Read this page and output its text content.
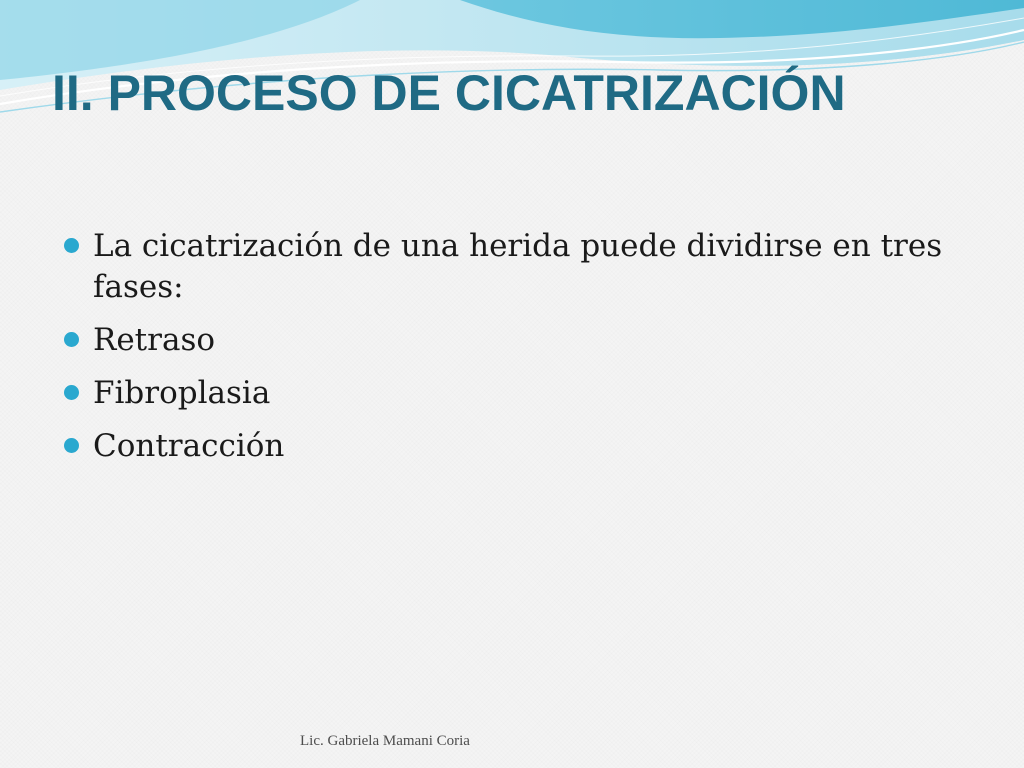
II. PROCESO DE CICATRIZACIÓN
La cicatrización de una herida puede dividirse en tres fases:
Retraso
Fibroplasia
Contracción
Lic. Gabriela Mamani Coria
